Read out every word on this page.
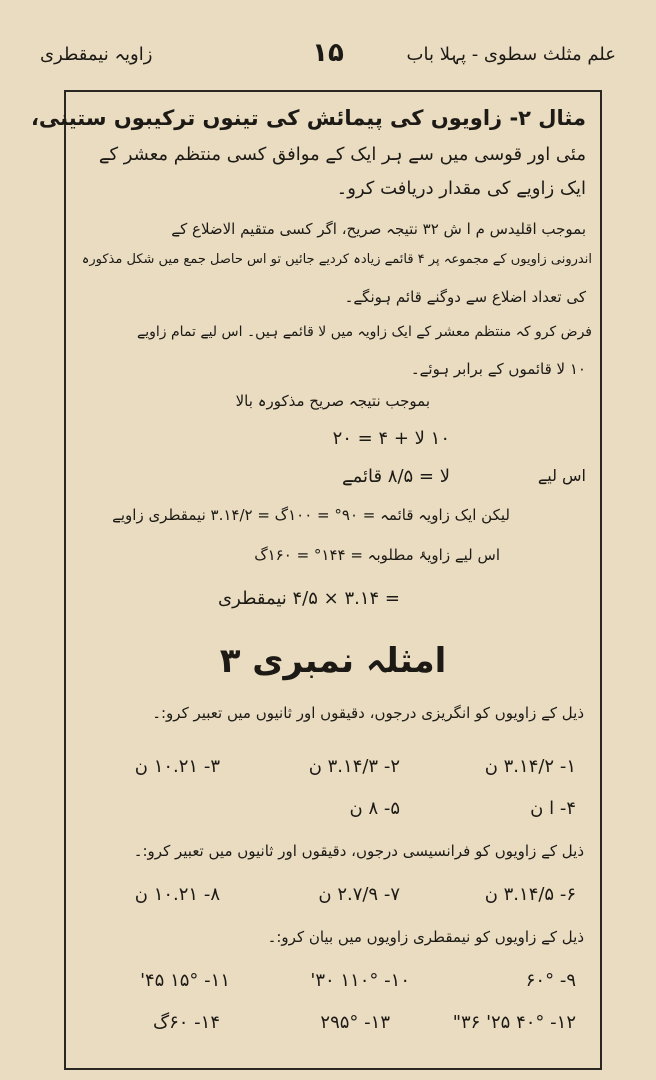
علم مثلث سطوی - پہلا باب
۱۵
زاویہ نیمقطری
مثال ۲- زاویوں کی پیمائش کی تینوں ترکیبوں ستینی،
مئی اور قوسی میں سے ہر ایک کے موافق کسی منتظم معشر کے
ایک زاویے کی مقدار دریافت کرو۔
بموجب اقلیدس م ا ش ۳۲ نتیجہ صریح، اگر کسی متقیم الاضلاع کے
اندرونی زاویوں کے مجموعہ پر ۴ قائمے زیادہ کردیے جائیں تو اس حاصل جمع میں شکل مذکورہ
کی تعداد اضلاع سے دوگنے قائم ہونگے۔
فرض کرو کہ منتظم معشر کے ایک زاویہ میں لا قائمے ہیں۔ اس لیے تمام زاویے
۱۰ لا قائموں کے برابر ہوئے۔
بموجب نتیجہ صریح مذکورہ بالا
۱۰ لا + ۴ = ۲۰
اس لیے
لا = ۸/۵ قائمے
لیکن ایک زاویہ قائمہ = ۹۰° = ۱۰۰گ = ۳.۱۴/۲ نیمقطری زاویے
اس لیے زاویۂ مطلوبہ = ۱۴۴° = ۱۶۰گ
= ۳.۱۴ × ۴/۵ نیمقطری
امثلہ نمبری ۳
ذیل کے زاویوں کو انگریزی درجوں، دقیقوں اور ثانیوں میں تعبیر کرو:۔
۱- ۳.۱۴/۲ ن
۲- ۳.۱۴/۳ ن
۳- ۱۰.۲۱ ن
۴- ا ن
۵- ۸ ن
ذیل کے زاویوں کو فرانسیسی درجوں، دقیقوں اور ثانیوں میں تعبیر کرو:۔
۶- ۳.۱۴/۵ ن
۷- ۲.۷/۹ ن
۸- ۱۰.۲۱ ن
ذیل کے زاویوں کو نیمقطری زاویوں میں بیان کرو:۔
۹- ۶۰°
۱۰- ۱۱۰° ۳۰'
۱۱- ۱۵° ۴۵'
۱۲- ۴۰° ۲۵' ۳۶"
۱۳- ۲۹۵°
۱۴- ۶۰گ
